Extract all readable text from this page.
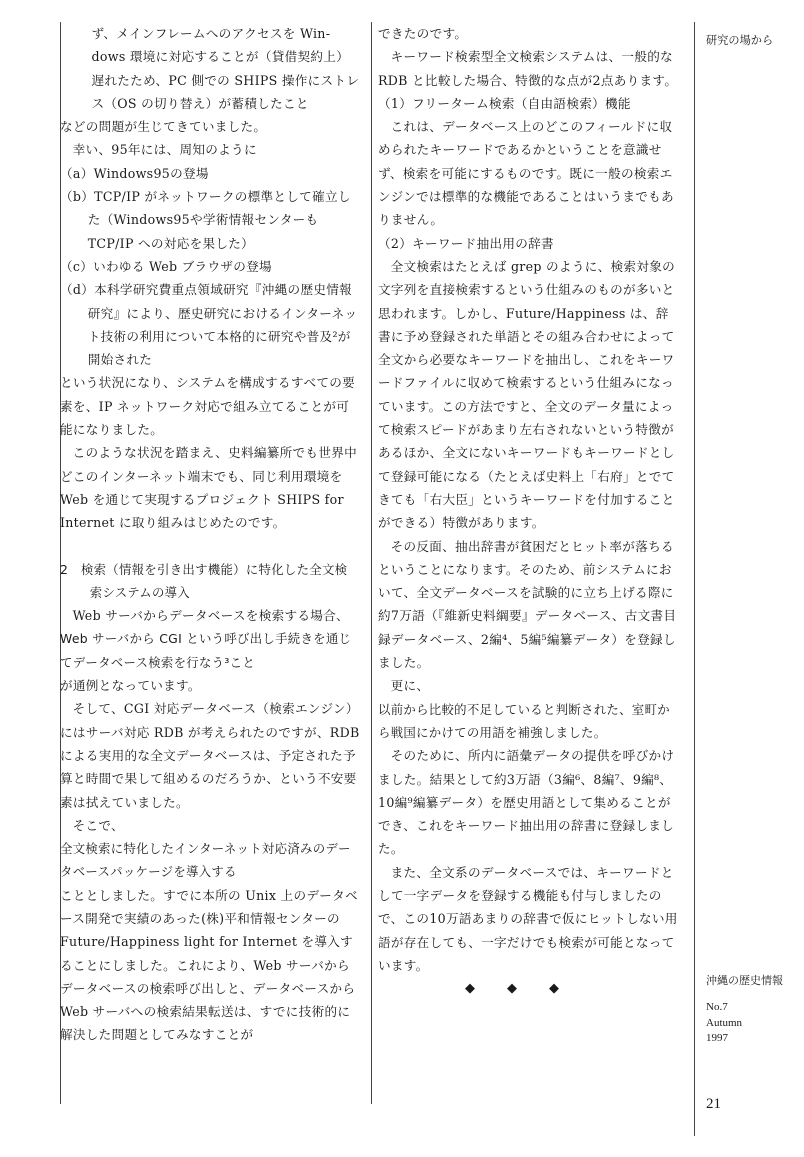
ず、メインフレームへのアクセスを Win-

dows 環境に対応することが（貸借契約上）

遅れたため、PC 側での SHIPS 操作にストレ

ス（OS の切り替え）が蓄積したこと

などの問題が生じてきていました。

幸い、95年には、周知のように

（a）Windows95の登場

（b）TCP/IP がネットワークの標準として確立した（Windows95や学術情報センターも TCP/IP への対応を果した）

（c）いわゆる Web ブラウザの登場

（d）本科学研究費重点領域研究『沖縄の歴史情報研究』により、歴史研究におけるインターネット技術の利用について本格的に研究や普及²が開始された

という状況になり、システムを構成するすべての要素を、IP ネットワーク対応で組み立てることが可能になりました。

このような状況を踏まえ、史料編纂所でも世界中どこのインターネット端末でも、同じ利用環境を Web を通じて実現するプロジェクト SHIPS for Internet に取り組みはじめたのです。

2　検索（情報を引き出す機能）に特化した全文検索システムの導入

Web サーバからデータベースを検索する場合、

Web サーバから CGI という呼び出し手続きを通じてデータベース検索を行なう³こと

が通例となっています。

そして、CGI 対応データベース（検索エンジン）にはサーバ対応 RDB が考えられたのですが、RDB による実用的な全文データベースは、予定された予算と時間で果して組めるのだろうか、という不安要素は拭えていました。

そこで、

全文検索に特化したインターネット対応済みのデータベースパッケージを導入する

こととしました。すでに本所の Unix 上のデータベース開発で実績のあった(株)平和情報センターの Future/Happiness light for Internet を導入することにしました。これにより、Web サーバからデータベースの検索呼び出しと、データベースから Web サーバへの検索結果転送は、すでに技術的に解決した問題としてみなすことが

できたのです。

キーワード検索型全文検索システムは、一般的な RDB と比較した場合、特徴的な点が2点あります。

（1）フリーターム検索（自由語検索）機能

これは、データベース上のどこのフィールドに収められたキーワードであるかということを意識せず、検索を可能にするものです。既に一般の検索エンジンでは標準的な機能であることはいうまでもありません。

（2）キーワード抽出用の辞書

全文検索はたとえば grep のように、検索対象の文字列を直接検索するという仕組みのものが多いと思われます。しかし、Future/Happiness は、辞書に予め登録された単語とその組み合わせによって全文から必要なキーワードを抽出し、これをキーワードファイルに収めて検索するという仕組みになっています。この方法ですと、全文のデータ量によって検索スピードがあまり左右されないという特徴があるほか、全文にないキーワードもキーワードとして登録可能になる（たとえば史料上「右府」とでてきても「右大臣」というキーワードを付加することができる）特徴があります。

その反面、抽出辞書が貧困だとヒット率が落ちるということになります。そのため、前システムにおいて、全文データベースを試験的に立ち上げる際に約7万語（『維新史料綱要』データベース、古文書目録データベース、2編⁴、5編⁵編纂データ）を登録しました。

更に、

以前から比較的不足していると判断された、室町から戦国にかけての用語を補強しました。

そのために、所内に語彙データの提供を呼びかけました。結果として約3万語（3編⁶、8編⁷、9編⁸、10編⁹編纂データ）を歴史用語として集めることができ、これをキーワード抽出用の辞書に登録しました。

また、全文系のデータベースでは、キーワードとして一字データを登録する機能も付与しましたので、この10万語あまりの辞書で仮にヒットしない用語が存在しても、一字だけでも検索が可能となっています。

◆◆◆

研究の場から
沖縄の歴史情報
No.7
Autumn
1997
21
